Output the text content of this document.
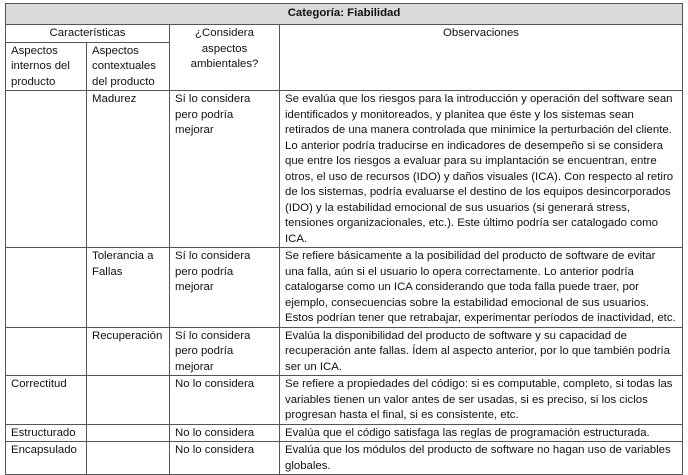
Categoría: Fiabilidad			
Características		¿Considera aspectos ambientales?	Observaciones
Aspectos internos del producto	Aspectos contextuales del producto		
	Madurez	Sí lo considera pero podría mejorar	Se evalúa que los riesgos para la introducción y operación del software sean identificados y monitoreados, y planitea que éste y los sistemas sean retirados de una manera controlada que minimice la perturbación del cliente. Lo anterior podría traducirse en indicadores de desempeño si se considera que entre los riesgos a evaluar para su implantación se encuentran, entre otros, el uso de recursos (IDO) y daños visuales (ICA). Con respecto al retiro de los sistemas, podría evaluarse el destino de los equipos desincorporados (IDO) y la estabilidad emocional de sus usuarios (si generará stress, tensiones organizacionales, etc.). Este último podría ser catalogado como ICA.
	Tolerancia a Fallas	Sí lo considera pero podría mejorar	Se refiere básicamente a la posibilidad del producto de software de evitar una falla, aún si el usuario lo opera correctamente. Lo anterior podría catalogarse como un ICA considerando que toda falla puede traer, por ejemplo, consecuencias sobre la estabilidad emocional de sus usuarios. Estos podrían tener que retrabajar, experimentar períodos de inactividad, etc.
	Recuperación	Sí lo considera pero podría mejorar	Evalúa la disponibilidad del producto de software y su capacidad de recuperación ante fallas. Ídem al aspecto anterior, por lo que también podría ser un ICA.
Correctitud		No lo considera	Se refiere a propiedades del código: si es computable, completo, si todas las variables tienen un valor antes de ser usadas, si es preciso, si los ciclos progresan hasta el final, si es consistente, etc.
Estructurado		No lo considera	Evalúa que el código satisfaga las reglas de programación estructurada.
Encapsulado		No lo considera	Evalúa que los módulos del producto de software no hagan uso de variables globales.
